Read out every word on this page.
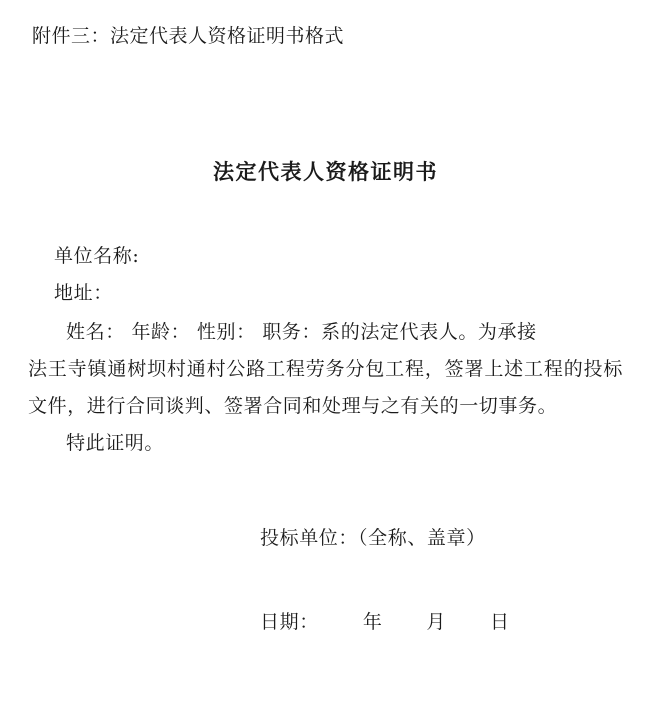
附件三：法定代表人资格证明书格式
法定代表人资格证明书
单位名称:
地址：
姓名： 年龄： 性别： 职务：系的法定代表人。为承接
法王寺镇通树坝村通村公路工程劳务分包工程，签署上述工程的投标文件，进行合同谈判、签署合同和处理与之有关的一切事务。
特此证明。
投标单位：（全称、盖章）
日期： 年 月 日
